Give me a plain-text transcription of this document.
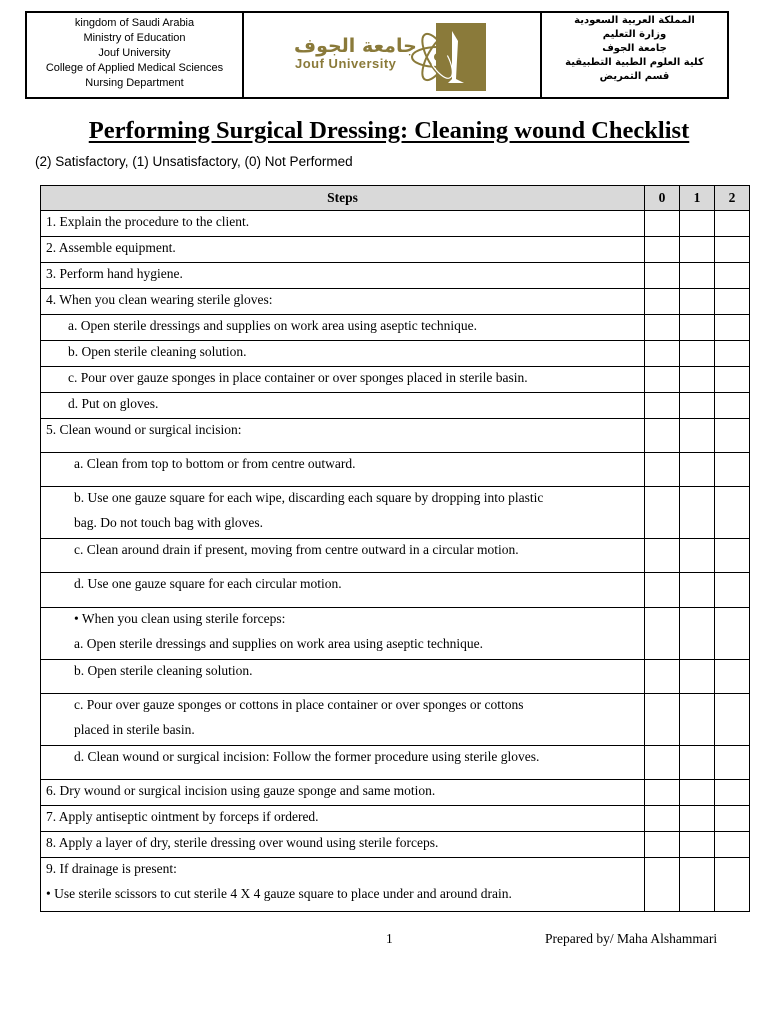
kingdom of Saudi Arabia
Ministry of Education
Jouf University
College of Applied Medical Sciences
Nursing Department
جامعة الجوف
Jouf University
المملكة العربية السعودية
وزارة التعليم
جامعة الجوف
كلية العلوم الطبية التطبيقية
قسم التمريض
Performing Surgical Dressing: Cleaning wound Checklist
(2) Satisfactory, (1) Unsatisfactory, (0) Not Performed
Steps	0	1	2
1. Explain the procedure to the client.			
2. Assemble equipment.			
3. Perform hand hygiene.			
4. When you clean wearing sterile gloves:			
a. Open sterile dressings and supplies on work area using aseptic technique.			
b. Open sterile cleaning solution.			
c. Pour over gauze sponges in place container or over sponges placed in sterile basin.			
d. Put on gloves.			
5. Clean wound or surgical incision:			
a. Clean from top to bottom or from centre outward.			
b. Use one gauze square for each wipe, discarding each square by dropping into plastic
bag. Do not touch bag with gloves.			

c. Clean around drain if present, moving from centre outward in a circular motion.			
d. Use one gauze square for each circular motion.			
• When you clean using sterile forceps:
a. Open sterile dressings and supplies on work area using aseptic technique.			

b. Open sterile cleaning solution.			
c. Pour over gauze sponges or cottons in place container or over sponges or cottons
placed in sterile basin.			

d. Clean wound or surgical incision: Follow the former procedure using sterile gloves.			
6. Dry wound or surgical incision using gauze sponge and same motion.			
7. Apply antiseptic ointment by forceps if ordered.			
8. Apply a layer of dry, sterile dressing over wound using sterile forceps.			
9. If drainage is present:
• Use sterile scissors to cut sterile 4 X 4 gauze square to place under and around drain.			

1	Prepared by/ Maha Alshammari
